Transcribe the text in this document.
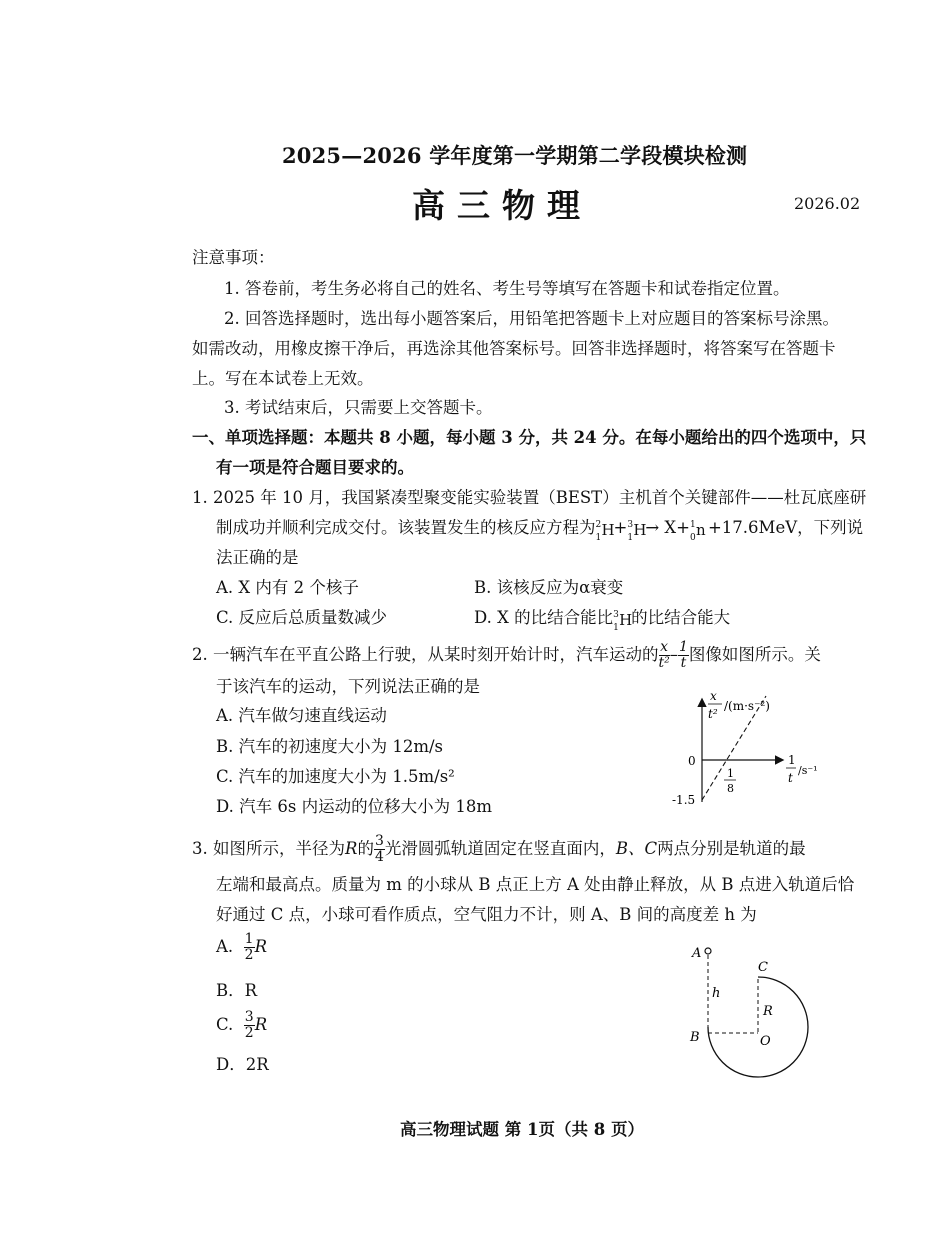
2025—2026 学年度第一学期第二学段模块检测
高三物理	2026.02
注意事项：
1. 答卷前，考生务必将自己的姓名、考生号等填写在答题卡和试卷指定位置。
2. 回答选择题时，选出每小题答案后，用铅笔把答题卡上对应题目的答案标号涂黑。
如需改动，用橡皮擦干净后，再选涂其他答案标号。回答非选择题时，将答案写在答题卡
上。写在本试卷上无效。
3. 考试结束后，只需要上交答题卡。
一、单项选择题：本题共 8 小题，每小题 3 分，共 24 分。在每小题给出的四个选项中，只
有一项是符合题目要求的。
1. 2025 年 10 月，我国紧凑型聚变能实验装置（BEST）主机首个关键部件——杜瓦底座研
制成功并顺利完成交付。该装置发生的核反应方程为 2
1 H
+ 3
1 H
→ X+ 1
0 n +17.6MeV，下列说
法正确的是
A. X 内有 2 个核子	B. 该核反应为α衰变
C. 反应后总质量数减少	D. X 的比结合能比 3
1 H
的比结合能大
2. 一辆汽车在平直公路上行驶，从某时刻开始计时，汽车运动的 $\frac{x}{\text{t²}} - \frac{1}{t}$ 图像如图所示。关
于该汽车的运动，下列说法正确的是
A. 汽车做匀速直线运动
B. 汽车的初速度大小为 12m/s
C. 汽车的加速度大小为 1.5m/s²
D. 汽车 6s 内运动的位移大小为 18m
x
t²
/(m·s⁻²)
0
-1.5
1
8
1
t
/s⁻¹
3. 如图所示，半径为R的 $\frac{3}{4}$ 光滑圆弧轨道固定在竖直面内，B、C两点分别是轨道的最
左端和最高点。质量为 m 的小球从 B 点正上方 A 处由静止释放，从 B 点进入轨道后恰
好通过 C 点，小球可看作质点，空气阻力不计，则 A、B 间的高度差 h 为
A. $\frac{1}{2}$ R
B．R
C. $\frac{3}{2}$ R
D．2R
A
h
C
R
B	O
高三物理试题 第 1页（共 8 页）
